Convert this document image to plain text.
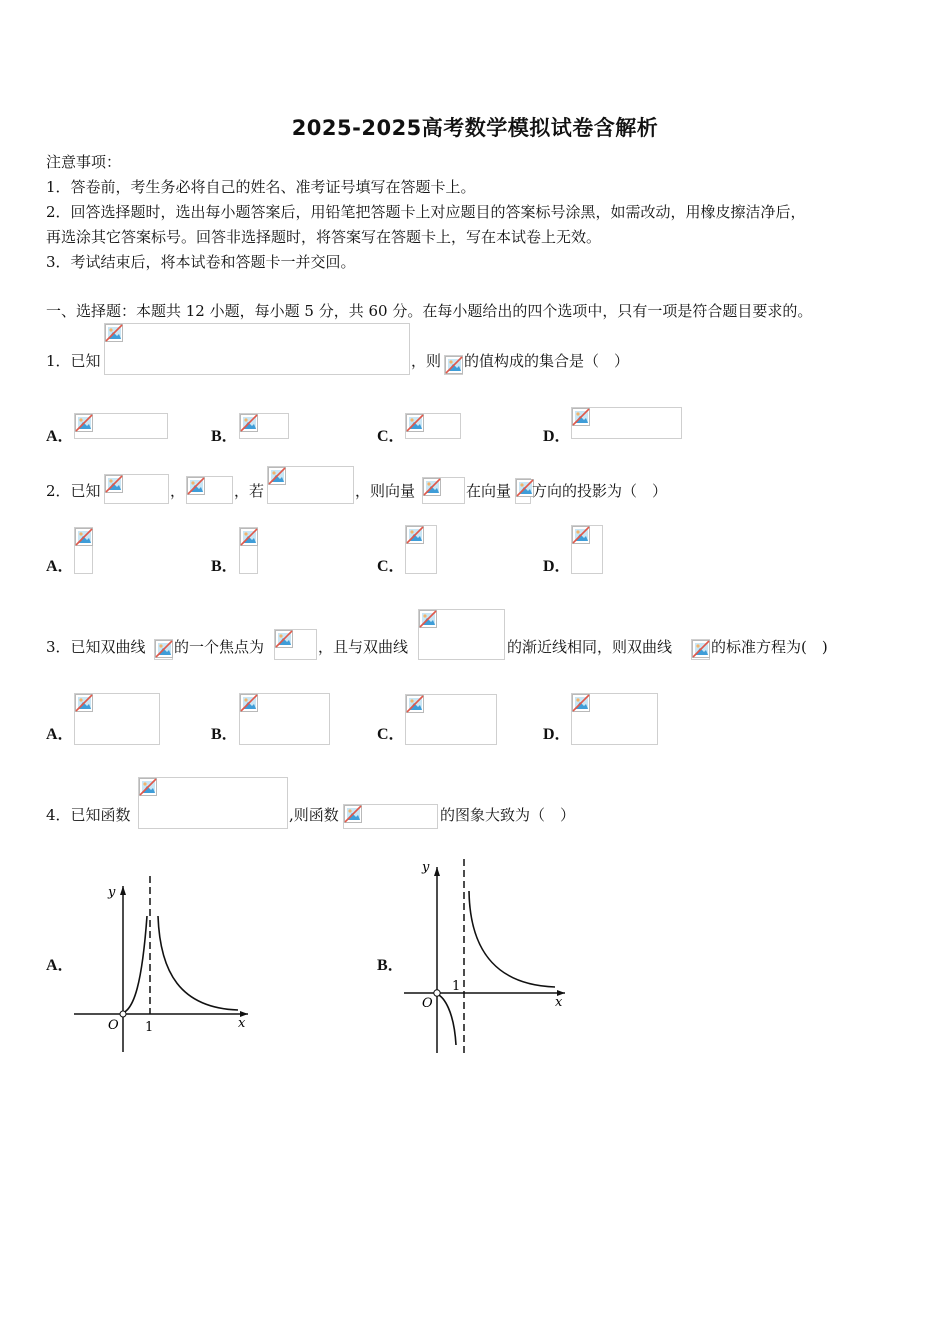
2025-2025高考数学模拟试卷含解析
注意事项：
1．答卷前，考生务必将自己的姓名、准考证号填写在答题卡上。
2．回答选择题时，选出每小题答案后，用铅笔把答题卡上对应题目的答案标号涂黑，如需改动，用橡皮擦洁净后，
再选涂其它答案标号。回答非选择题时，将答案写在答题卡上，写在本试卷上无效。
3．考试结束后，将本试卷和答题卡一并交回。
一、选择题：本题共 12 小题，每小题 5 分，共 60 分。在每小题给出的四个选项中，只有一项是符合题目要求的。
1．已知	，则 的值构成的集合是（　）
A．	B．	C．	D．
2．已知	，	，若	，则向量	在向量 方向的投影为（　）
A．	B．	C．	D．
3．已知双曲线 的一个焦点为	，且与双曲线	的渐近线相同，则双曲线	的标准方程为(　)
A．	B．	C．	D．
4．已知函数	,则函数	的图象大致为（　）
A．
y
x
O 1
B．
y
x
O
1
